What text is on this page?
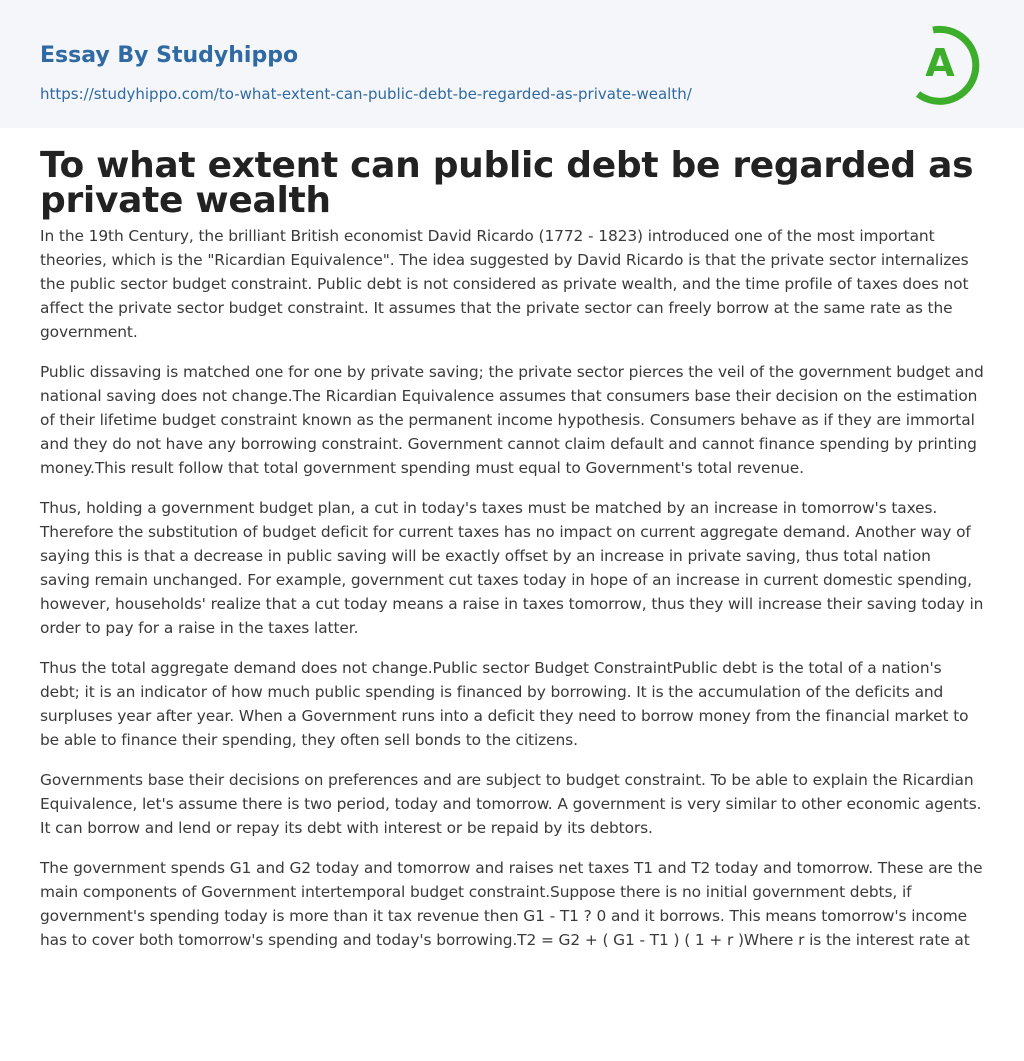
Essay By Studyhippo
https://studyhippo.com/to-what-extent-can-public-debt-be-regarded-as-private-wealth/
A
To what extent can public debt be regarded as private wealth

In the 19th Century, the brilliant British economist David Ricardo (1772 - 1823) introduced one of the most important theories, which is the "Ricardian Equivalence". The idea suggested by David Ricardo is that the private sector internalizes the public sector budget constraint. Public debt is not considered as private wealth, and the time profile of taxes does not affect the private sector budget constraint. It assumes that the private sector can freely borrow at the same rate as the government.

Public dissaving is matched one for one by private saving; the private sector pierces the veil of the government budget and national saving does not change.The Ricardian Equivalence assumes that consumers base their decision on the estimation of their lifetime budget constraint known as the permanent income hypothesis. Consumers behave as if they are immortal and they do not have any borrowing constraint. Government cannot claim default and cannot finance spending by printing money.This result follow that total government spending must equal to Government's total revenue.

Thus, holding a government budget plan, a cut in today's taxes must be matched by an increase in tomorrow's taxes. Therefore the substitution of budget deficit for current taxes has no impact on current aggregate demand. Another way of saying this is that a decrease in public saving will be exactly offset by an increase in private saving, thus total nation saving remain unchanged. For example, government cut taxes today in hope of an increase in current domestic spending, however, households' realize that a cut today means a raise in taxes tomorrow, thus they will increase their saving today in order to pay for a raise in the taxes latter.

Thus the total aggregate demand does not change.Public sector Budget ConstraintPublic debt is the total of a nation's debt; it is an indicator of how much public spending is financed by borrowing. It is the accumulation of the deficits and surpluses year after year. When a Government runs into a deficit they need to borrow money from the financial market to be able to finance their spending, they often sell bonds to the citizens.

Governments base their decisions on preferences and are subject to budget constraint. To be able to explain the Ricardian Equivalence, let's assume there is two period, today and tomorrow. A government is very similar to other economic agents. It can borrow and lend or repay its debt with interest or be repaid by its debtors.

The government spends G1 and G2 today and tomorrow and raises net taxes T1 and T2 today and tomorrow. These are the main components of Government intertemporal budget constraint.Suppose there is no initial government debts, if government's spending today is more than it tax revenue then G1 - T1 ? 0 and it borrows. This means tomorrow's income has to cover both tomorrow's spending and today's borrowing.T2 = G2 + ( G1 - T1 ) ( 1 + r )Where r is the interest rate at
